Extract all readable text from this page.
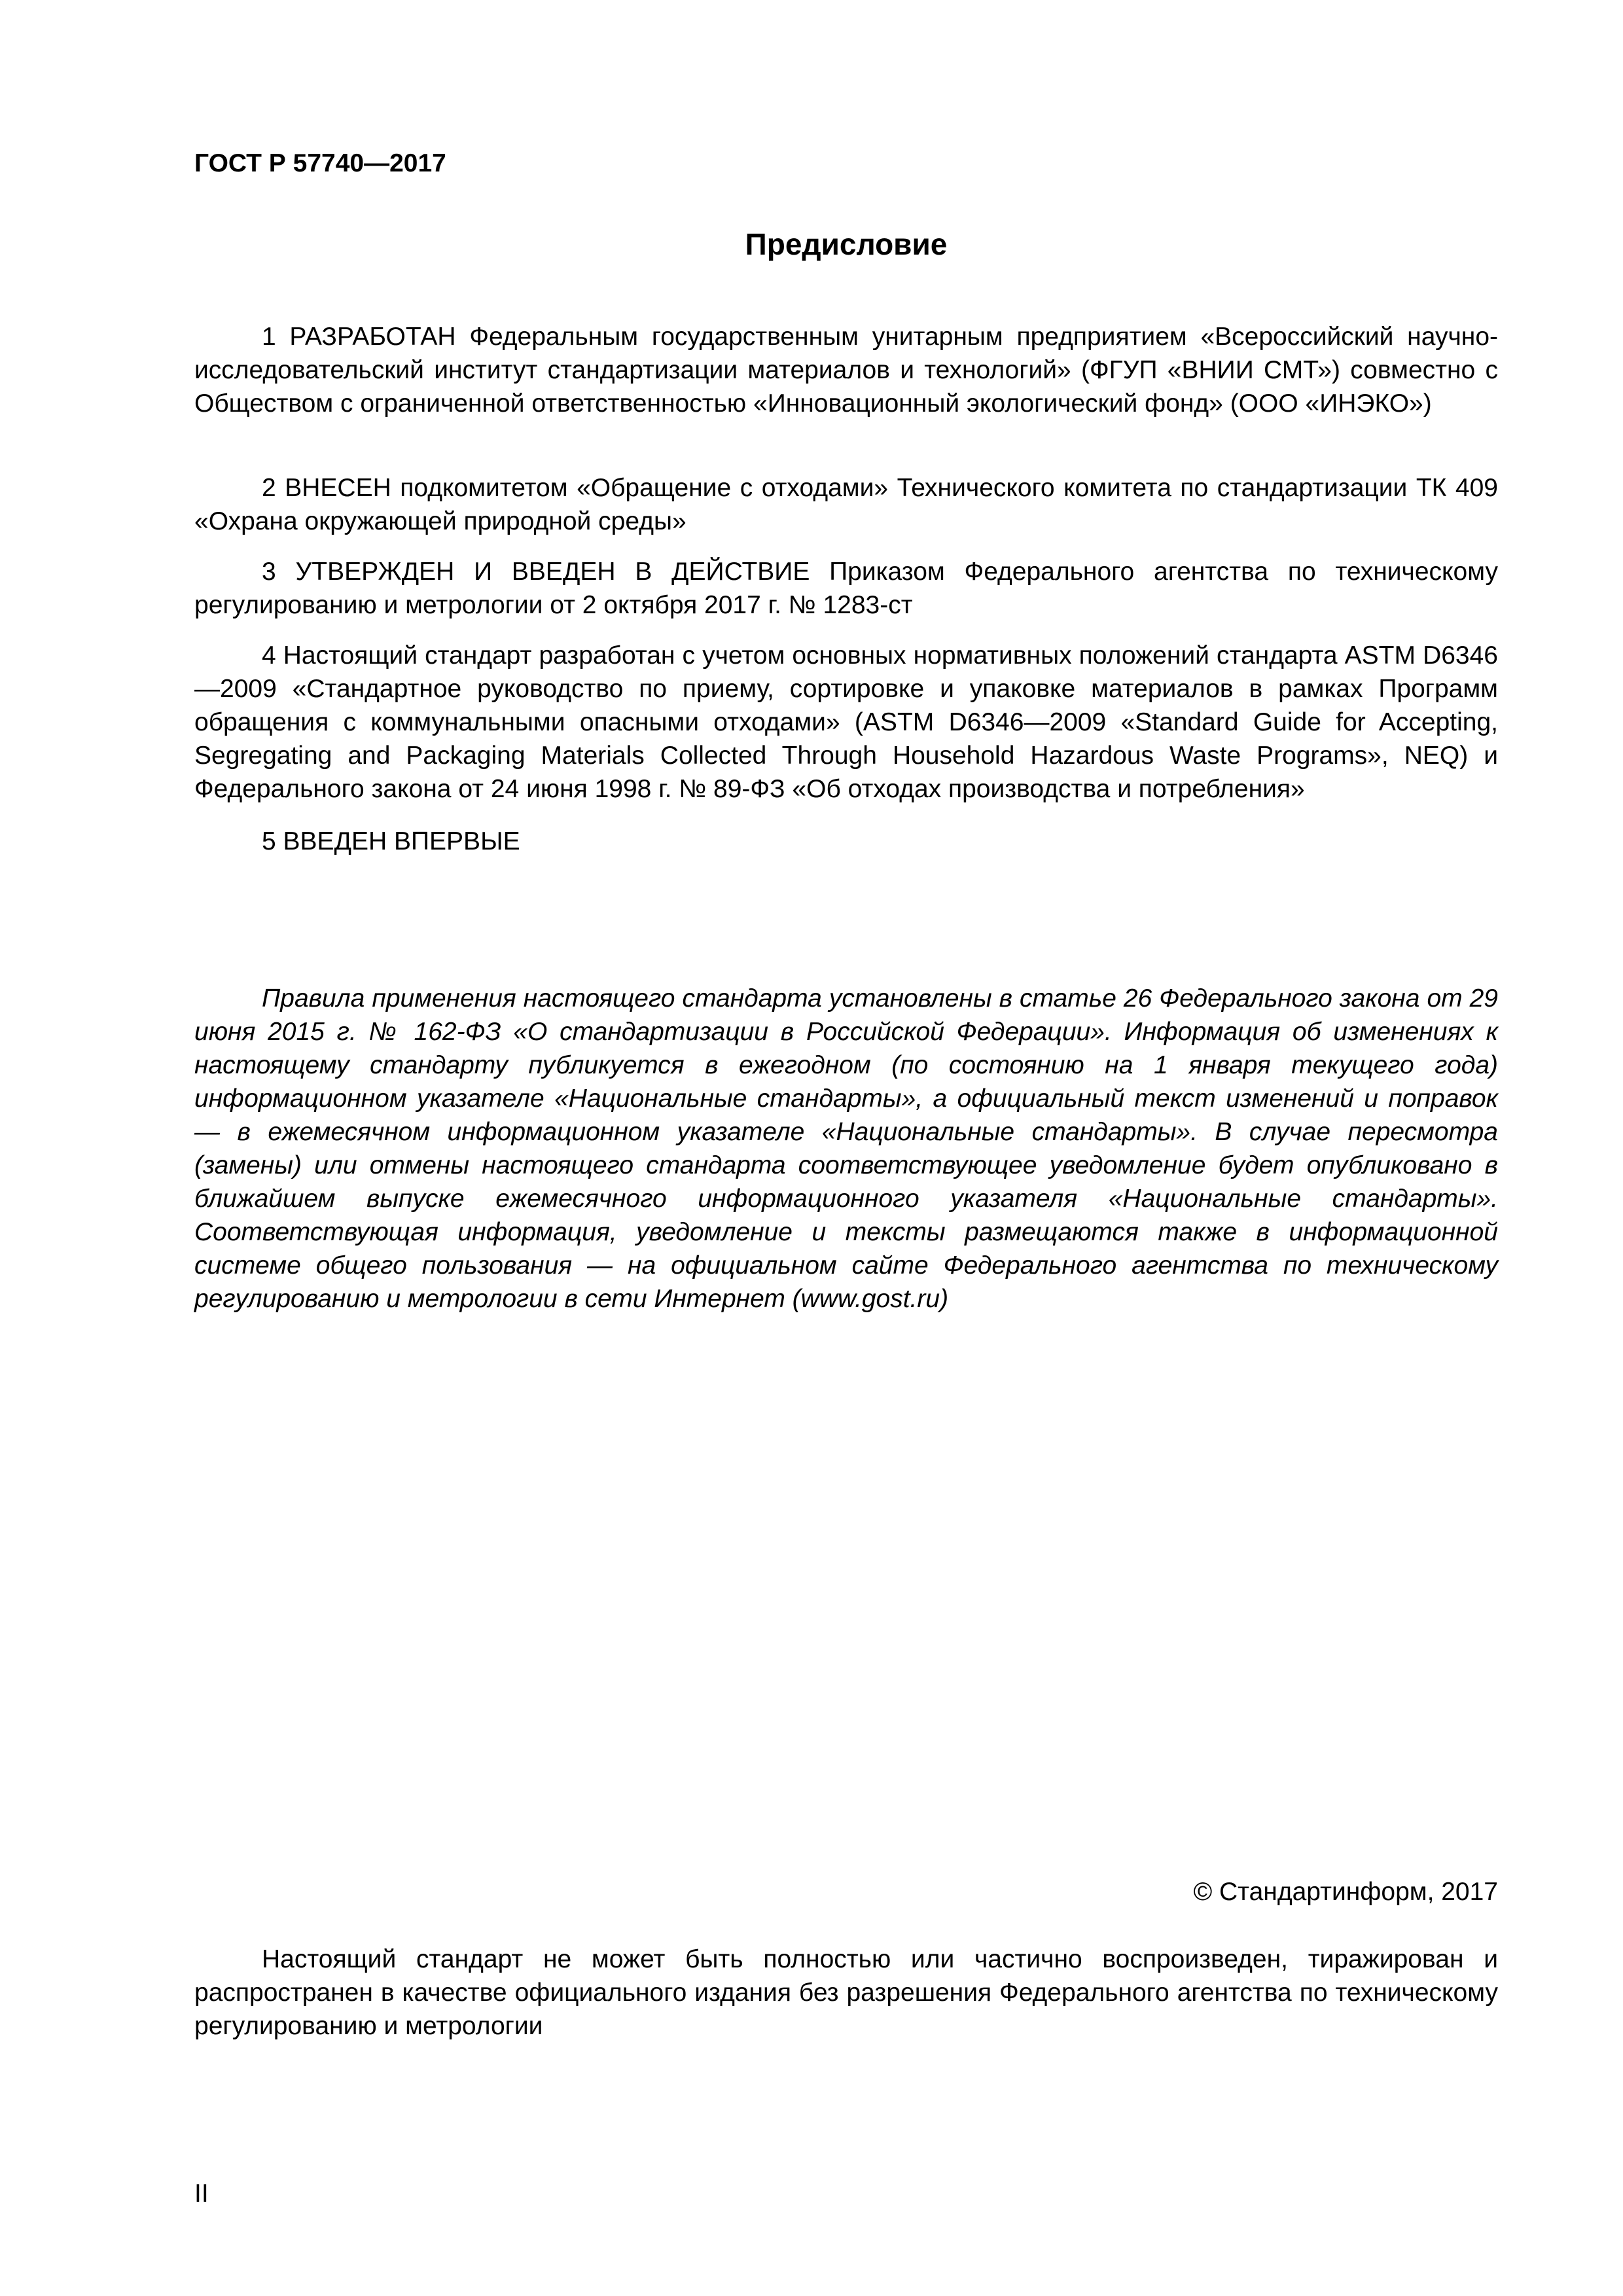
ГОСТ Р 57740—2017

Предисловие

1 РАЗРАБОТАН Федеральным государственным унитарным предприятием «Всероссийский научно-исследовательский институт стандартизации материалов и технологий» (ФГУП «ВНИИ СМТ») совместно с Обществом с ограниченной ответственностью «Инновационный экологический фонд» (ООО «ИНЭКО»)

2 ВНЕСЕН подкомитетом «Обращение с отходами» Технического комитета по стандартизации ТК 409 «Охрана окружающей природной среды»

3 УТВЕРЖДЕН И ВВЕДЕН В ДЕЙСТВИЕ Приказом Федерального агентства по техническому регулированию и метрологии от 2 октября 2017 г. № 1283-ст

4 Настоящий стандарт разработан с учетом основных нормативных положений стандарта ASTM D6346—2009 «Стандартное руководство по приему, сортировке и упаковке материалов в рамках Программ обращения с коммунальными опасными отходами» (ASTM D6346—2009 «Standard Guide for Accepting, Segregating and Packaging Materials Collected Through Household Hazardous Waste Programs», NEQ) и Федерального закона от 24 июня 1998 г. № 89-ФЗ «Об отходах производства и потребления»

5 ВВЕДЕН ВПЕРВЫЕ

Правила применения настоящего стандарта установлены в статье 26 Федерального закона от 29 июня 2015 г. № 162-ФЗ «О стандартизации в Российской Федерации». Информация об изменениях к настоящему стандарту публикуется в ежегодном (по состоянию на 1 января текущего года) информационном указателе «Национальные стандарты», а официальный текст изменений и поправок — в ежемесячном информационном указателе «Национальные стандарты». В случае пересмотра (замены) или отмены настоящего стандарта соответствующее уведомление будет опубликовано в ближайшем выпуске ежемесячного информационного указателя «Национальные стандарты». Соответствующая информация, уведомление и тексты размещаются также в информационной системе общего пользования — на официальном сайте Федерального агентства по техническому регулированию и метрологии в сети Интернет (www.gost.ru)

© Стандартинформ, 2017

Настоящий стандарт не может быть полностью или частично воспроизведен, тиражирован и распространен в качестве официального издания без разрешения Федерального агентства по техническому регулированию и метрологии

II
